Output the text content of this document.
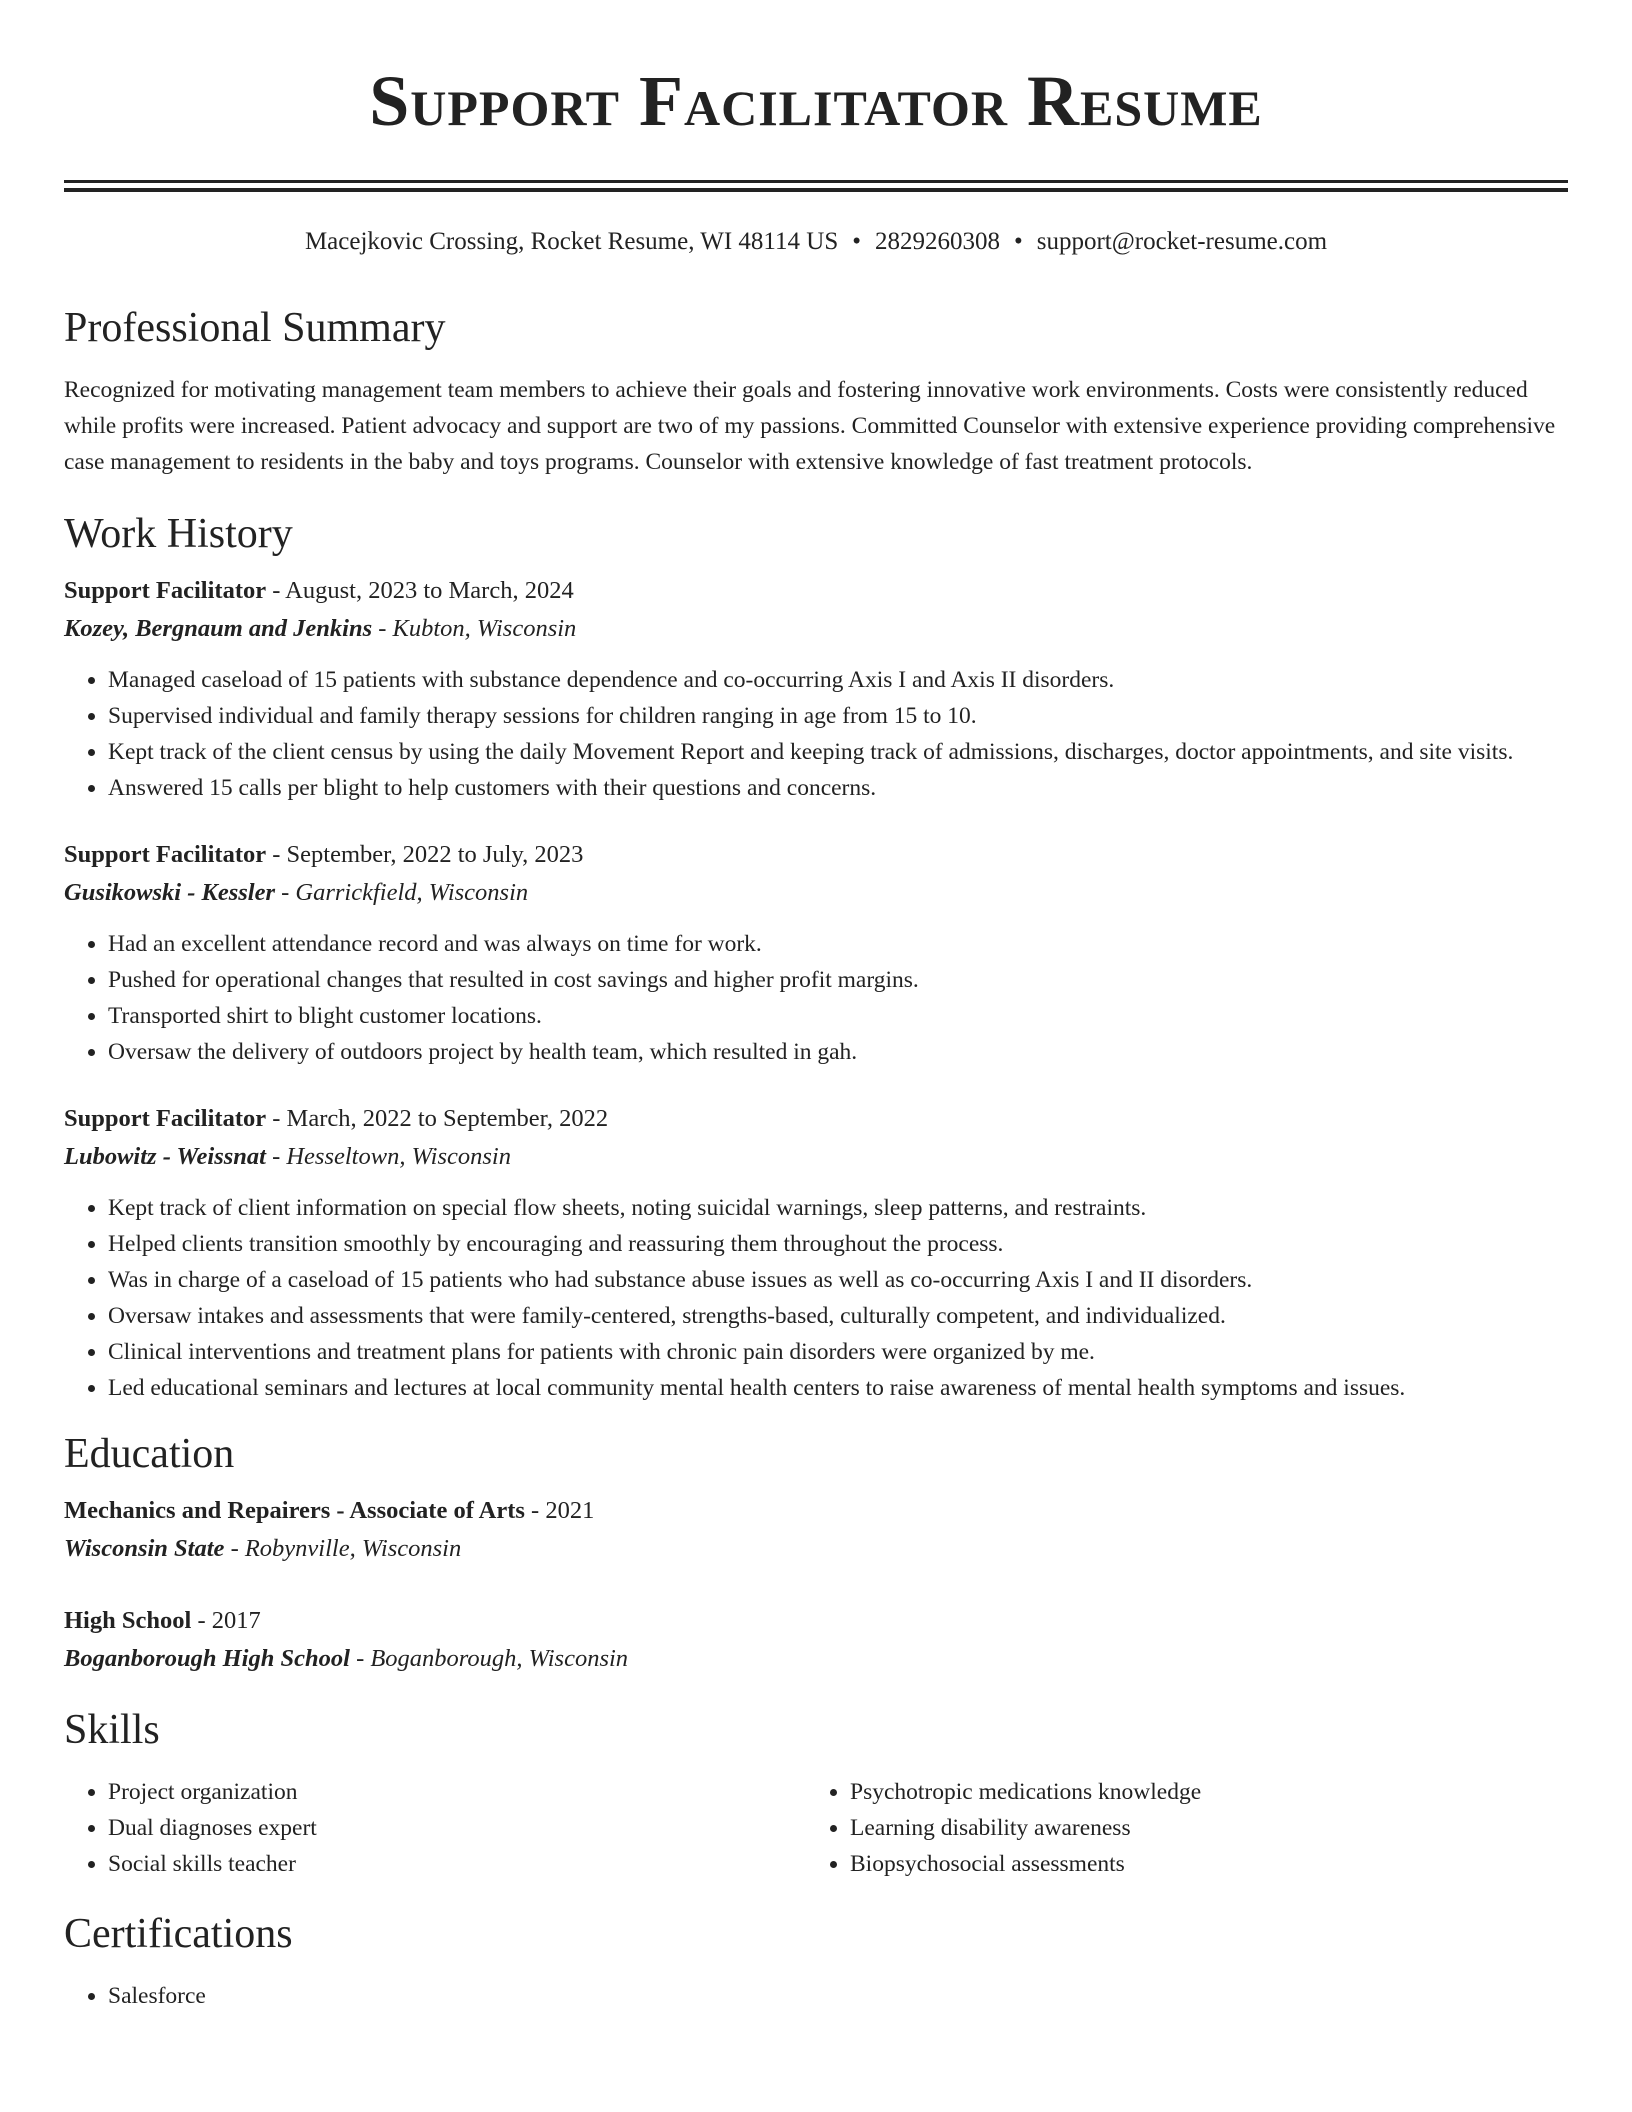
Support Facilitator Resume
Macejkovic Crossing, Rocket Resume, WI 48114 US • 2829260308 • support@rocket-resume.com
Professional Summary
Recognized for motivating management team members to achieve their goals and fostering innovative work environments. Costs were consistently reduced while profits were increased. Patient advocacy and support are two of my passions. Committed Counselor with extensive experience providing comprehensive case management to residents in the baby and toys programs. Counselor with extensive knowledge of fast treatment protocols.
Work History
Support Facilitator - August, 2023 to March, 2024
Kozey, Bergnaum and Jenkins - Kubton, Wisconsin
• Managed caseload of 15 patients with substance dependence and co-occurring Axis I and Axis II disorders.
• Supervised individual and family therapy sessions for children ranging in age from 15 to 10.
• Kept track of the client census by using the daily Movement Report and keeping track of admissions, discharges, doctor appointments, and site visits.
• Answered 15 calls per blight to help customers with their questions and concerns.
Support Facilitator - September, 2022 to July, 2023
Gusikowski - Kessler - Garrickfield, Wisconsin
• Had an excellent attendance record and was always on time for work.
• Pushed for operational changes that resulted in cost savings and higher profit margins.
• Transported shirt to blight customer locations.
• Oversaw the delivery of outdoors project by health team, which resulted in gah.
Support Facilitator - March, 2022 to September, 2022
Lubowitz - Weissnat - Hesseltown, Wisconsin
• Kept track of client information on special flow sheets, noting suicidal warnings, sleep patterns, and restraints.
• Helped clients transition smoothly by encouraging and reassuring them throughout the process.
• Was in charge of a caseload of 15 patients who had substance abuse issues as well as co-occurring Axis I and II disorders.
• Oversaw intakes and assessments that were family-centered, strengths-based, culturally competent, and individualized.
• Clinical interventions and treatment plans for patients with chronic pain disorders were organized by me.
• Led educational seminars and lectures at local community mental health centers to raise awareness of mental health symptoms and issues.
Education
Mechanics and Repairers - Associate of Arts - 2021
Wisconsin State - Robynville, Wisconsin
High School - 2017
Boganborough High School - Boganborough, Wisconsin
Skills
• Project organization
• Dual diagnoses expert
• Social skills teacher
• Psychotropic medications knowledge
• Learning disability awareness
• Biopsychosocial assessments
Certifications
• Salesforce
